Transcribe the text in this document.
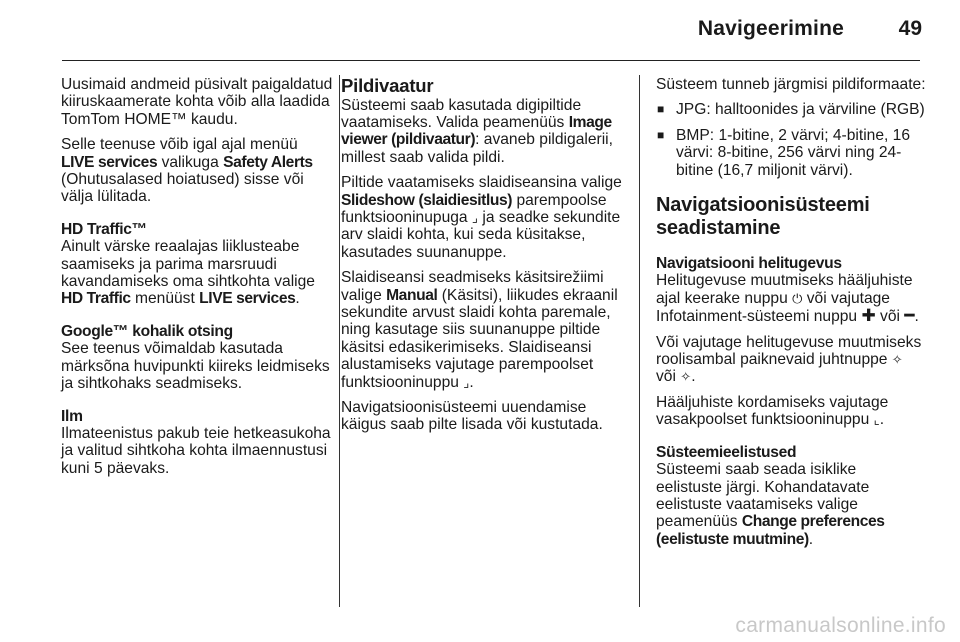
Navigeerimine	49

Uusimaid andmeid püsivalt paigaldatud kiiruskaamerate kohta võib alla laadida TomTom HOME™ kaudu.

Selle teenuse võib igal ajal menüü LIVE services valikuga Safety Alerts (Ohutusalased hoiatused) sisse või välja lülitada.

HD Traffic™

Ainult värske reaalajas liiklusteabe saamiseks ja parima marsruudi kavandamiseks oma sihtkohta valige HD Traffic menüüst LIVE services.

Google™ kohalik otsing

See teenus võimaldab kasutada märksõna huvipunkti kiireks leidmiseks ja sihtkohaks seadmiseks.

Ilm

Ilmateenistus pakub teie hetkeasukoha ja valitud sihtkoha kohta ilmaennustusi kuni 5 päevaks.

Pildivaatur

Süsteemi saab kasutada digipiltide vaatamiseks. Valida peamenüüs Image viewer (pildivaatur): avaneb pildigalerii, millest saab valida pildi.

Piltide vaatamiseks slaidiseansina valige Slideshow (slaidiesitlus) parempoolse funktsiooninupuga ⌟ ja seadke sekundite arv slaidi kohta, kui seda küsitakse, kasutades suunanuppe.

Slaidiseansi seadmiseks käsitsirežiimi valige Manual (Käsitsi), liikudes ekraanil sekundite arvust slaidi kohta paremale, ning kasutage siis suunanuppe piltide käsitsi edasikerimiseks. Slaidiseansi alustamiseks vajutage parempoolset funktsiooninuppu ⌟.

Navigatsioonisüsteemi uuendamise käigus saab pilte lisada või kustutada.

Süsteem tunneb järgmisi pildiformaate:

■ JPG: halltoonides ja värviline (RGB)
■ BMP: 1-bitine, 2 värvi; 4-bitine, 16 värvi: 8-bitine, 256 värvi ning 24-bitine (16,7 miljonit värvi).
Navigatsioonisüsteemi seadistamine
Navigatsiooni helitugevus

Helitugevuse muutmiseks hääljuhiste ajal keerake nuppu ⏻ või vajutage Infotainment-süsteemi nuppu ✚ või ━.

Või vajutage helitugevuse muutmiseks roolisambal paiknevaid juhtnuppe ✧ või ✧.

Hääljuhiste kordamiseks vajutage vasakpoolset funktsiooninuppu ⌞.

Süsteemieelistused

Süsteemi saab seada isiklike eelistuste järgi. Kohandatavate eelistuste vaatamiseks valige peamenüüs Change preferences (eelistuste muutmine).

carmanualsonline.info
